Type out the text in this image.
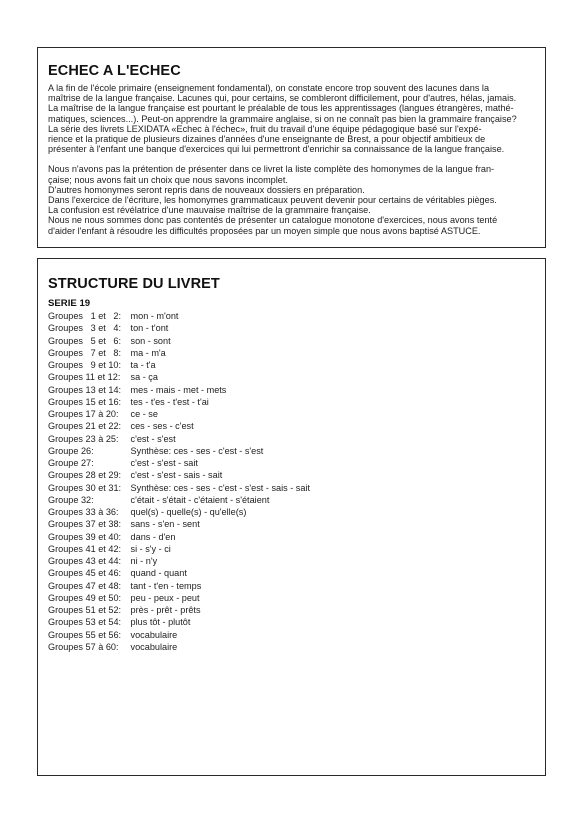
ECHEC A L'ECHEC

A la fin de l'école primaire (enseignement fondamental), on constate encore trop souvent des lacunes dans la
maîtrise de la langue française. Lacunes qui, pour certains, se combleront difficilement, pour d'autres, hélas, jamais.
La maîtrise de la langue française est pourtant le préalable de tous les apprentissages (langues étrangères, mathé-
matiques, sciences...). Peut-on apprendre la grammaire anglaise, si on ne connaît pas bien la grammaire française?
La série des livrets LEXIDATA «Echec à l'échec», fruit du travail d'une équipe pédagogique basé sur l'expé-
rience et la pratique de plusieurs dizaines d'années d'une enseignante de Brest, a pour objectif ambitieux de
présenter à l'enfant une banque d'exercices qui lui permettront d'enrichir sa connaissance de la langue française.

Nous n'avons pas la prétention de présenter dans ce livret la liste complète des homonymes de la langue fran-
çaise; nous avons fait un choix que nous savons incomplet.
D'autres homonymes seront repris dans de nouveaux dossiers en préparation.
Dans l'exercice de l'écriture, les homonymes grammaticaux peuvent devenir pour certains de véritables pièges.
La confusion est révélatrice d'une mauvaise maîtrise de la grammaire française.
Nous ne nous sommes donc pas contentés de présenter un catalogue monotone d'exercices, nous avons tenté
d'aider l'enfant à résoudre les difficultés proposées par un moyen simple que nous avons baptisé ASTUCE.

STRUCTURE DU LIVRET
SERIE 19
Groupes   1 et   2: mon - m'ont
Groupes   3 et   4: ton - t'ont
Groupes   5 et   6: son - sont
Groupes   7 et   8: ma - m'a
Groupes   9 et 10: ta - t'a
Groupes 11 et 12: sa - ça
Groupes 13 et 14: mes - mais - met - mets
Groupes 15 et 16: tes - t'es - t'est - t'ai
Groupes 17 à 20: ce - se
Groupes 21 et 22: ces - ses - c'est
Groupes 23 à 25: c'est - s'est
Groupe 26:	Synthèse: ces - ses - c'est - s'est
Groupe 27:	c'est - s'est - sait
Groupes 28 et 29: c'est - s'est - sais - sait
Groupes 30 et 31: Synthèse: ces - ses - c'est - s'est - sais - sait
Groupe 32:	c'était - s'était - c'étaient - s'étaient
Groupes 33 à 36: quel(s) - quelle(s) - qu'elle(s)
Groupes 37 et 38: sans - s'en - sent
Groupes 39 et 40: dans - d'en
Groupes 41 et 42: si - s'y - ci
Groupes 43 et 44: ni - n'y
Groupes 45 et 46: quand - quant
Groupes 47 et 48: tant - t'en - temps
Groupes 49 et 50: peu - peux - peut
Groupes 51 et 52: près - prêt - prêts
Groupes 53 et 54: plus tôt - plutôt
Groupes 55 et 56: vocabulaire
Groupes 57 à 60: vocabulaire
